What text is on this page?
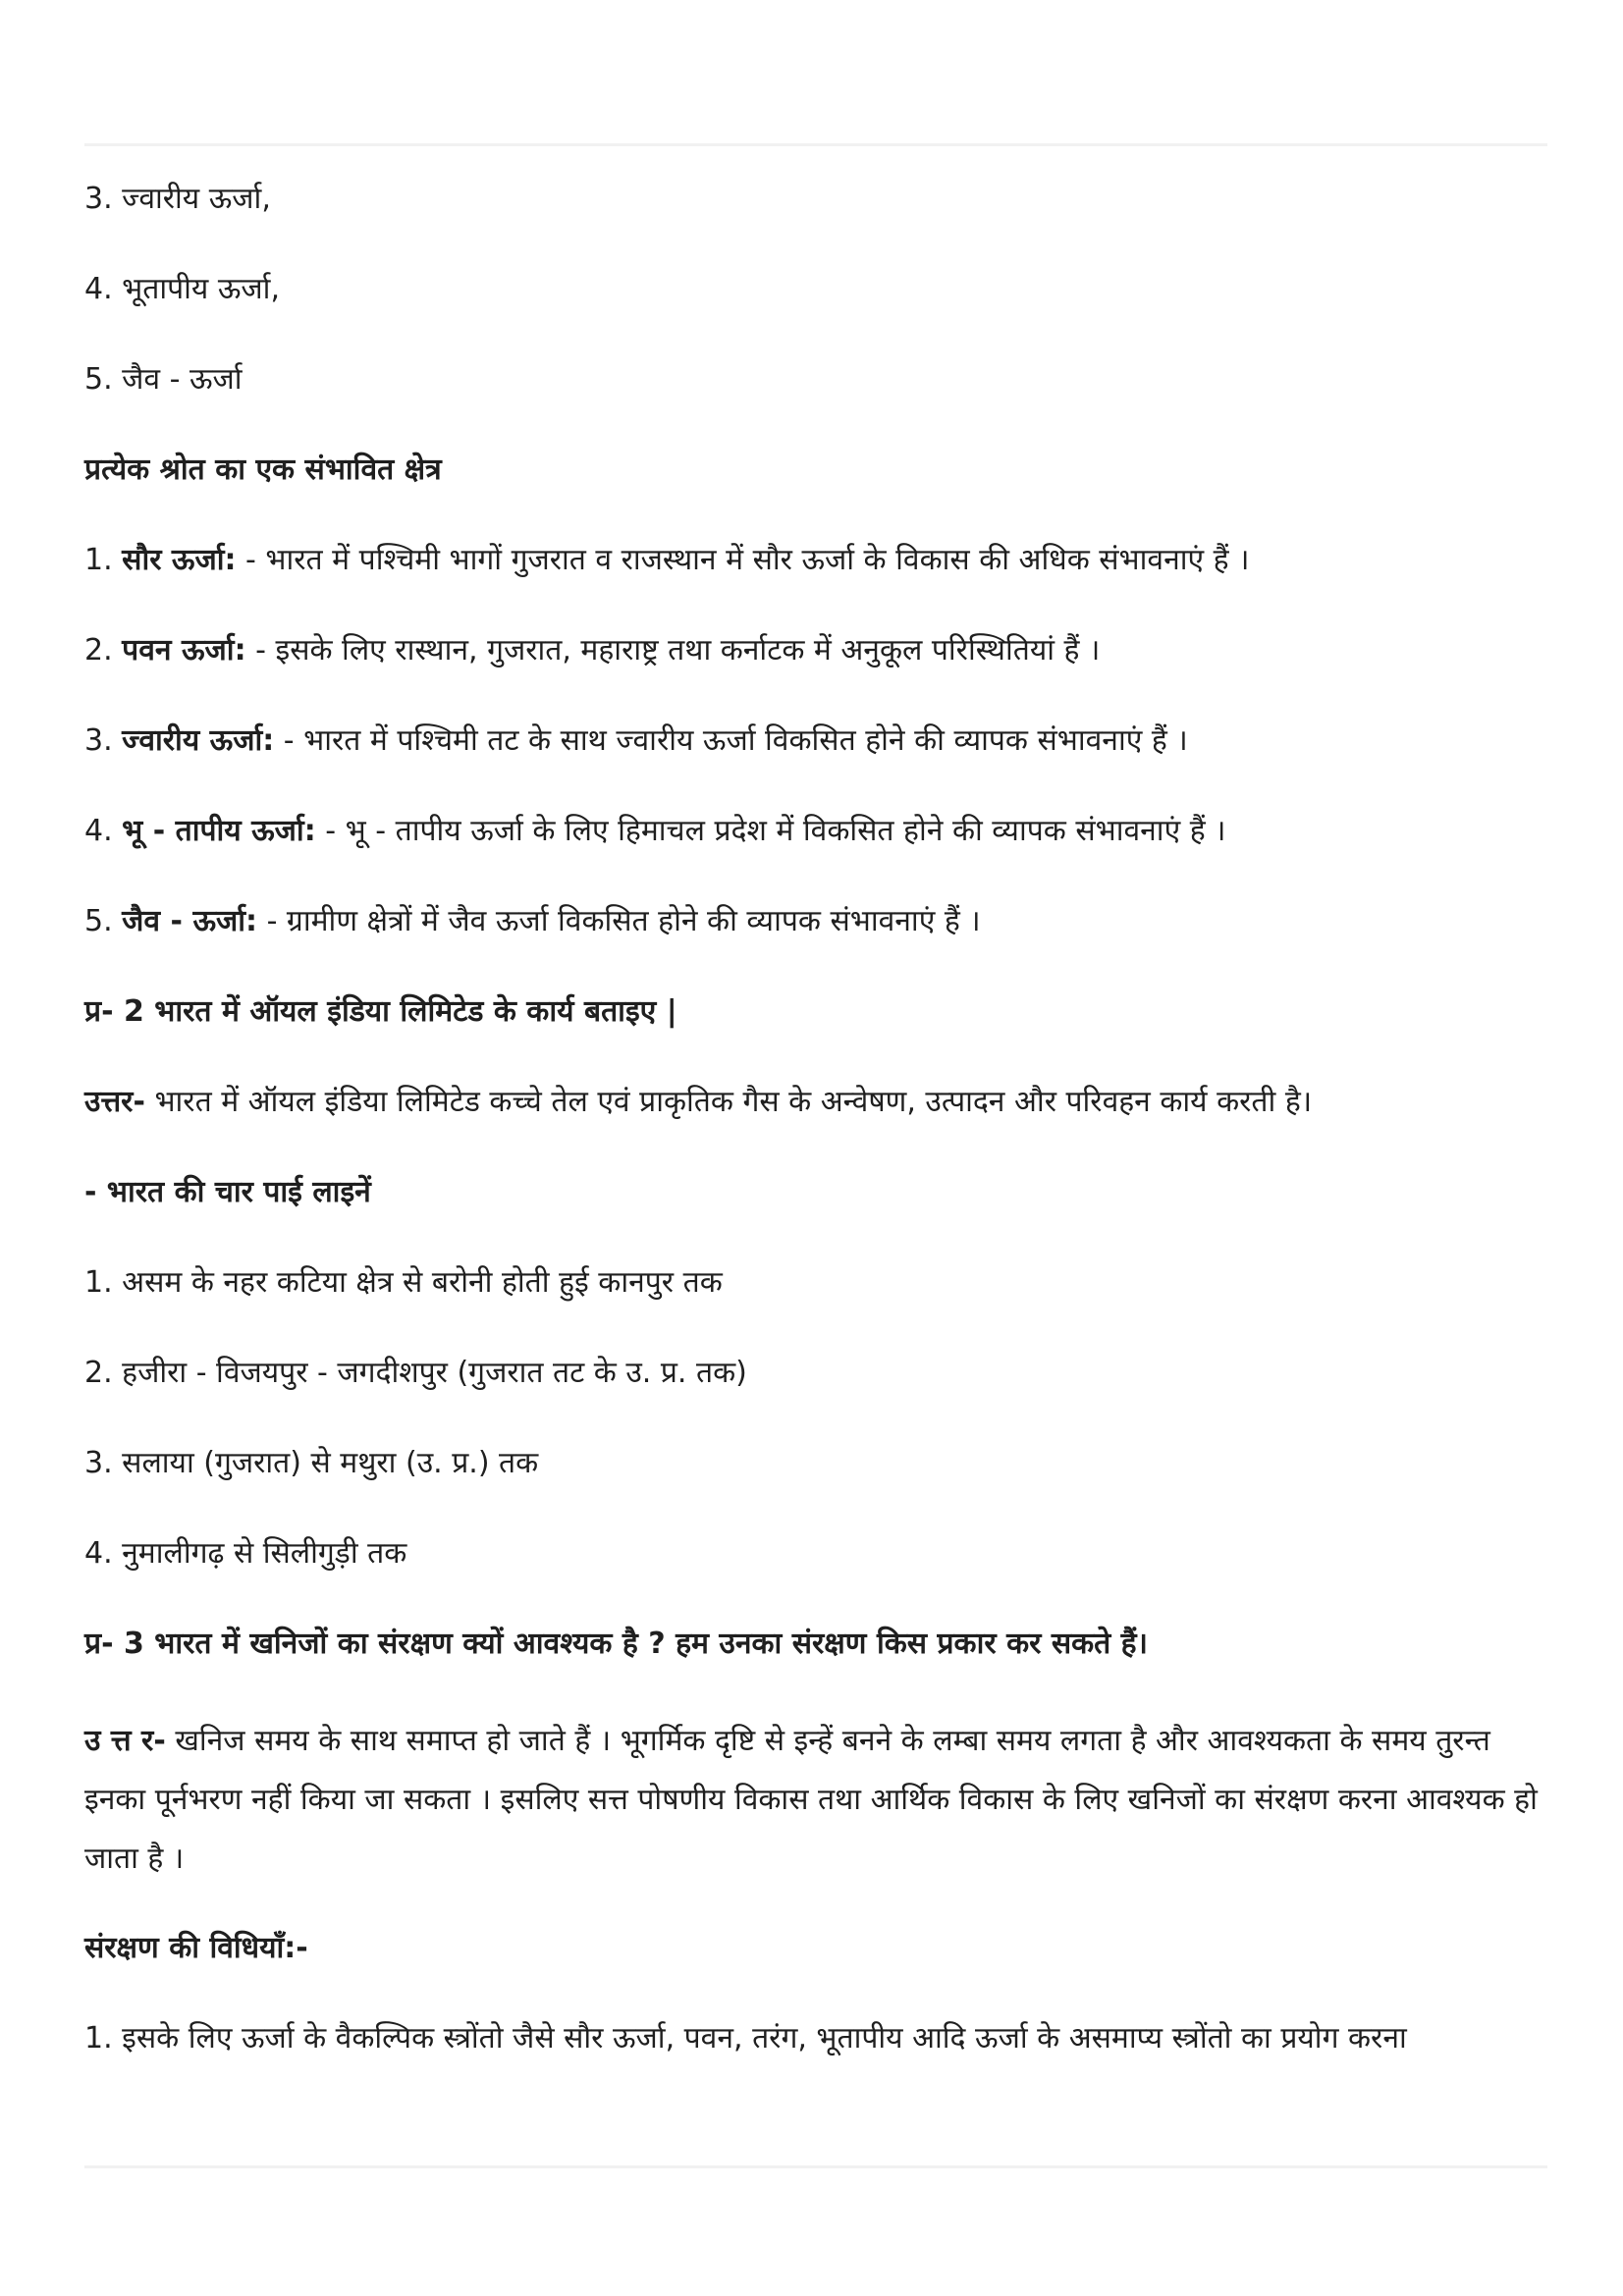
3. ज्वारीय ऊर्जा,

4. भूतापीय ऊर्जा,

5. जैव - ऊर्जा

प्रत्येक श्रोत का एक संभावित क्षेत्र

1. सौर ऊर्जा: - भारत में पश्चिमी भागों गुजरात व राजस्थान में सौर ऊर्जा के विकास की अधिक संभावनाएं हैं ।

2. पवन ऊर्जा: - इसके लिए रास्थान, गुजरात, महाराष्ट्र तथा कर्नाटक में अनुकूल परिस्थितियां हैं ।

3. ज्वारीय ऊर्जा: - भारत में पश्चिमी तट के साथ ज्वारीय ऊर्जा विकसित होने की व्यापक संभावनाएं हैं ।

4. भू - तापीय ऊर्जा: - भू - तापीय ऊर्जा के लिए हिमाचल प्रदेश में विकसित होने की व्यापक संभावनाएं हैं ।

5. जैव - ऊर्जा: - ग्रामीण क्षेत्रों में जैव ऊर्जा विकसित होने की व्यापक संभावनाएं हैं ।

प्र- 2 भारत में ऑयल इंडिया लिमिटेड के कार्य बताइए |

उत्तर- भारत में ऑयल इंडिया लिमिटेड कच्चे तेल एवं प्राकृतिक गैस के अन्वेषण, उत्पादन और परिवहन कार्य करती है।

- भारत की चार पाई लाइनें

1. असम के नहर कटिया क्षेत्र से बरोनी होती हुई कानपुर तक

2. हजीरा - विजयपुर - जगदीशपुर (गुजरात तट के उ. प्र. तक)

3. सलाया (गुजरात) से मथुरा (उ. प्र.) तक

4. नुमालीगढ़ से सिलीगुड़ी तक

प्र- 3 भारत में खनिजों का संरक्षण क्यों आवश्यक है ? हम उनका संरक्षण किस प्रकार कर सकते हैं।

उ त्त र- खनिज समय के साथ समाप्त हो जाते हैं । भूगर्मिक दृष्टि से इन्हें बनने के लम्बा समय लगता है और आवश्यकता के समय तुरन्त इनका पूर्नभरण नहीं किया जा सकता । इसलिए सत्त पोषणीय विकास तथा आर्थिक विकास के लिए खनिजों का संरक्षण करना आवश्यक हो जाता है ।

संरक्षण की विधियाँ:-

1. इसके लिए ऊर्जा के वैकल्पिक स्त्रोंतो जैसे सौर ऊर्जा, पवन, तरंग, भूतापीय आदि ऊर्जा के असमाप्य स्त्रोंतो का प्रयोग करना
